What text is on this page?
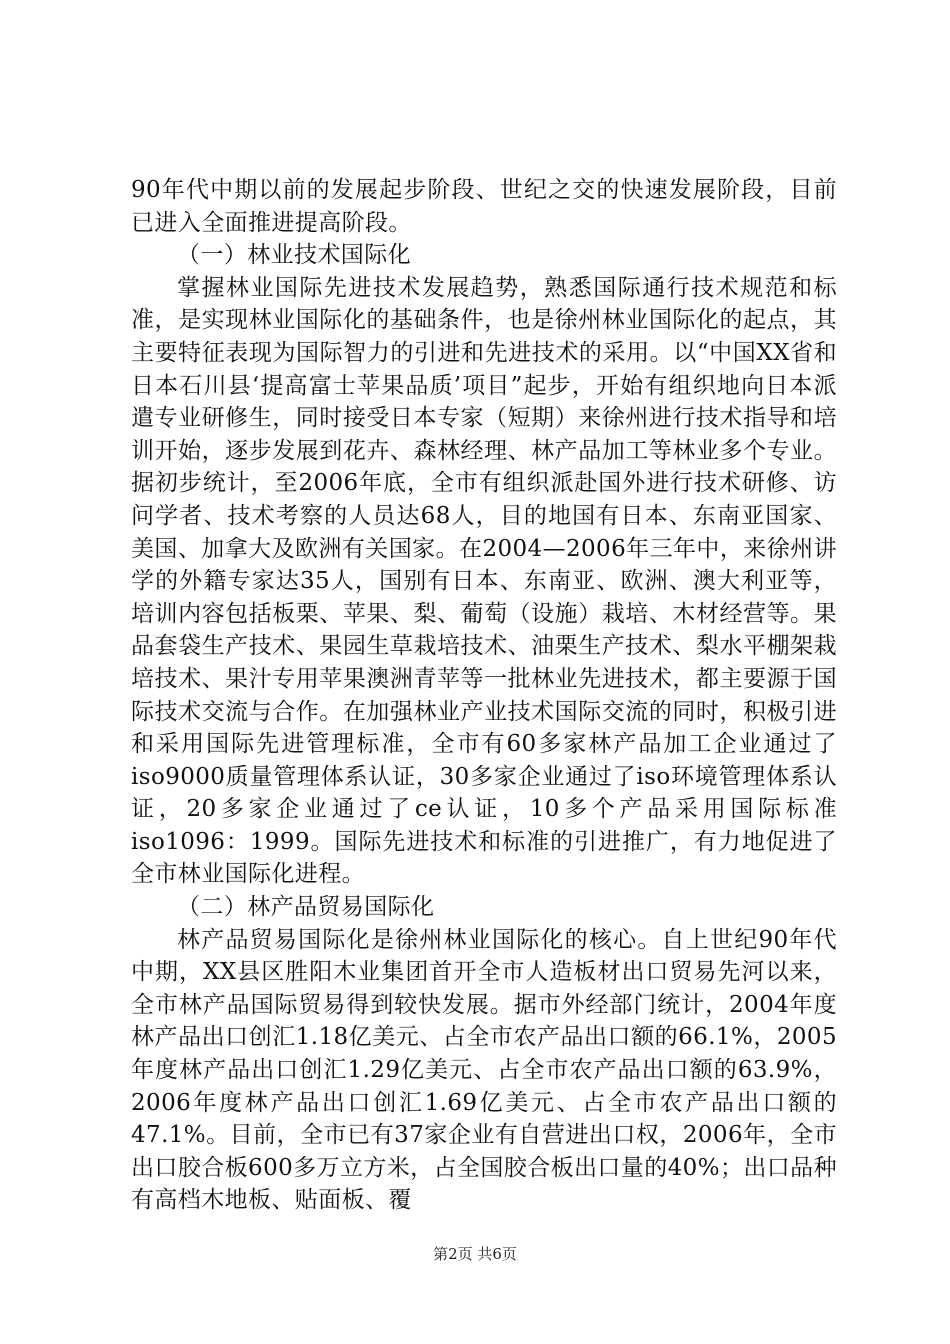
90年代中期以前的发展起步阶段、世纪之交的快速发展阶段，目前已进入全面推进提高阶段。

（一）林业技术国际化

掌握林业国际先进技术发展趋势，熟悉国际通行技术规范和标准，是实现林业国际化的基础条件，也是徐州林业国际化的起点，其主要特征表现为国际智力的引进和先进技术的采用。以“中国XX省和日本石川县‘提高富士苹果品质’项目”起步，开始有组织地向日本派遣专业研修生，同时接受日本专家（短期）来徐州进行技术指导和培训开始，逐步发展到花卉、森林经理、林产品加工等林业多个专业。据初步统计，至2006年底，全市有组织派赴国外进行技术研修、访问学者、技术考察的人员达68人，目的地国有日本、东南亚国家、美国、加拿大及欧洲有关国家。在2004—2006年三年中，来徐州讲学的外籍专家达35人，国别有日本、东南亚、欧洲、澳大利亚等，培训内容包括板栗、苹果、梨、葡萄（设施）栽培、木材经营等。果品套袋生产技术、果园生草栽培技术、油栗生产技术、梨水平棚架栽培技术、果汁专用苹果澳洲青苹等一批林业先进技术，都主要源于国际技术交流与合作。在加强林业产业技术国际交流的同时，积极引进和采用国际先进管理标准，全市有60多家林产品加工企业通过了iso9000质量管理体系认证，30多家企业通过了iso环境管理体系认证，20多家企业通过了ce认证，10多个产品采用国际标准iso1096：1999。国际先进技术和标准的引进推广，有力地促进了全市林业国际化进程。

（二）林产品贸易国际化

林产品贸易国际化是徐州林业国际化的核心。自上世纪90年代中期，XX县区胜阳木业集团首开全市人造板材出口贸易先河以来，全市林产品国际贸易得到较快发展。据市外经部门统计，2004年度林产品出口创汇1.18亿美元、占全市农产品出口额的66.1%，2005年度林产品出口创汇1.29亿美元、占全市农产品出口额的63.9%，2006年度林产品出口创汇1.69亿美元、占全市农产品出口额的47.1%。目前，全市已有37家企业有自营进出口权，2006年，全市出口胶合板600多万立方米，占全国胶合板出口量的40%；出口品种有高档木地板、贴面板、覆

第2页 共6页
